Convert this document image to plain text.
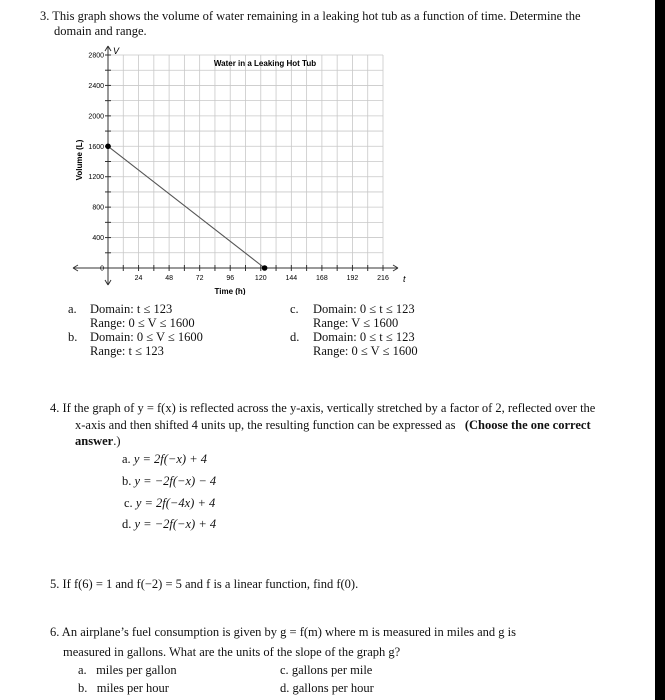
3. This graph shows the volume of water remaining in a leaking hot tub as a function of time. Determine the
domain and range.
24	48	72	96	120	144	168	192	216
0
400
800
1200
1600
2000
2400
2800
Water in a Leaking Hot Tub
V
t
Volume (L)
Time (h)
a. Domain: t ≤ 123
Range: 0 ≤ V ≤ 1600
b. Domain: 0 ≤ V ≤ 1600
Range: t ≤ 123
c. Domain: 0 ≤ t ≤ 123
Range: V ≤ 1600
d. Domain: 0 ≤ t ≤ 123
Range: 0 ≤ V ≤ 1600
4. If the graph of y = f(x) is reflected across the y-axis, vertically stretched by a factor of 2, reflected over the
x-axis and then shifted 4 units up, the resulting function can be expressed as (Choose the one correct
answer.)
a. y = 2f(−x) + 4
b. y = −2f(−x) − 4
c. y = 2f(−4x) + 4
d. y = −2f(−x) + 4
5. If f(6) = 1 and f(−2) = 5 and f is a linear function, find f(0).
6. An airplane’s fuel consumption is given by g = f(m) where m is measured in miles and g is
measured in gallons. What are the units of the slope of the graph g?
a. miles per gallon
b. miles per hour
c. gallons per mile
d. gallons per hour
